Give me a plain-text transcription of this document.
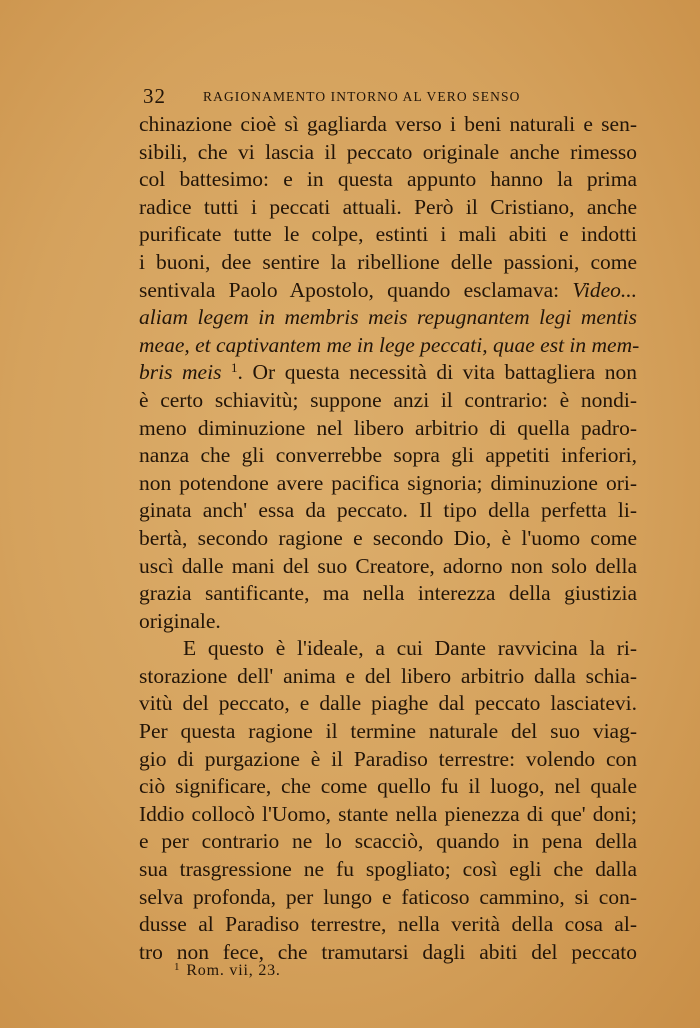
32	RAGIONAMENTO INTORNO AL VERO SENSO
chinazione cioè sì gagliarda verso i beni naturali e sen-
sibili, che vi lascia il peccato originale anche rimesso
col battesimo: e in questa appunto hanno la prima
radice tutti i peccati attuali. Però il Cristiano, anche
purificate tutte le colpe, estinti i mali abiti e indotti
i buoni, dee sentire la ribellione delle passioni, come
sentivala Paolo Apostolo, quando esclamava: Video...
aliam legem in membris meis repugnantem legi mentis
meae, et captivantem me in lege peccati, quae est in mem-
bris meis $^1$. Or questa necessità di vita battagliera non
è certo schiavitù; suppone anzi il contrario: è nondi-
meno diminuzione nel libero arbitrio di quella padro-
nanza che gli converrebbe sopra gli appetiti inferiori,
non potendone avere pacifica signoria; diminuzione ori-
ginata anch' essa da peccato. Il tipo della perfetta li-
bertà, secondo ragione e secondo Dio, è l'uomo come
uscì dalle mani del suo Creatore, adorno non solo della
grazia santificante, ma nella interezza della giustizia
originale.
E questo è l'ideale, a cui Dante ravvicina la ri-
storazione dell' anima e del libero arbitrio dalla schia-
vitù del peccato, e dalle piaghe dal peccato lasciatevi.
Per questa ragione il termine naturale del suo viag-
gio di purgazione è il Paradiso terrestre: volendo con
ciò significare, che come quello fu il luogo, nel quale
Iddio collocò l'Uomo, stante nella pienezza di que' doni;
e per contrario ne lo scacciò, quando in pena della
sua trasgressione ne fu spogliato; così egli che dalla
selva profonda, per lungo e faticoso cammino, si con-
dusse al Paradiso terrestre, nella verità della cosa al-
tro non fece, che tramutarsi dagli abiti del peccato
$^1$ Rom. vii, 23.
